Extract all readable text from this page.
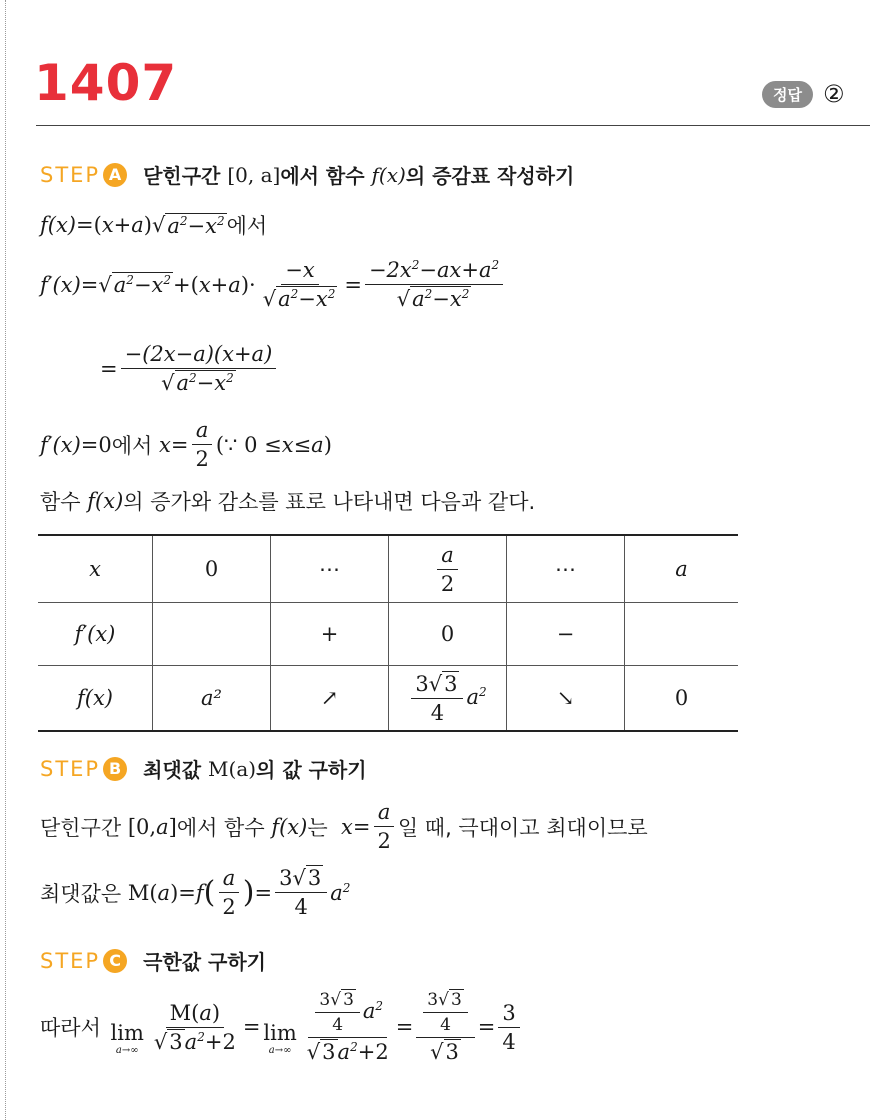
1407	정답 ②
STEP A 닫힌구간
[0, a] 에서 함수
f(x) 의 증감표 작성하기
f(x) =( x + a )√ $a^2-x^2$ 에서
f′(x) =√ $a^2-x^2$ +( x + a )· $\frac{-x}{√a^2-x^2} = \frac{-2x^2-ax+a^2}{√a^2-x^2}$
= $\frac{-(2x-a)(x+a)}{√a^2-x^2}$
f′(x) =0 에서
$x = \frac{a}{2}$ (∵ 0 ≤ x ≤ a )
함수
f(x) 의 증가와 감소를 표로 나타내면 다음과 같다.
x	0	⋯	$\frac{a}{2}$	⋯	a
f′(x)		+	0	−	
f(x)	a²	↗	$\frac{3√3}{4} a^2$	↘	0
STEP B 최댓값
M(a) 의 값 구하기
닫힌구간
[0, a ] 에서 함수
f(x) 는
$x = \frac{a}{2}$ 일 때, 극대이고 최대이므로
최댓값은
M( a )= f ( $\frac{a}{2}$ ) = $\frac{3√3}{4} a^2$
STEP C	극한값 구하기
따라서
lim
$a\to\infty \frac{M(a)}{√3a^2+2} = \lim$
$a\to\infty \frac{\frac{3√ 3}{4} a^2}{√3a^2+2} = \frac{\frac{3√ 3}{4}}{√3} = \frac{3}{4}$
